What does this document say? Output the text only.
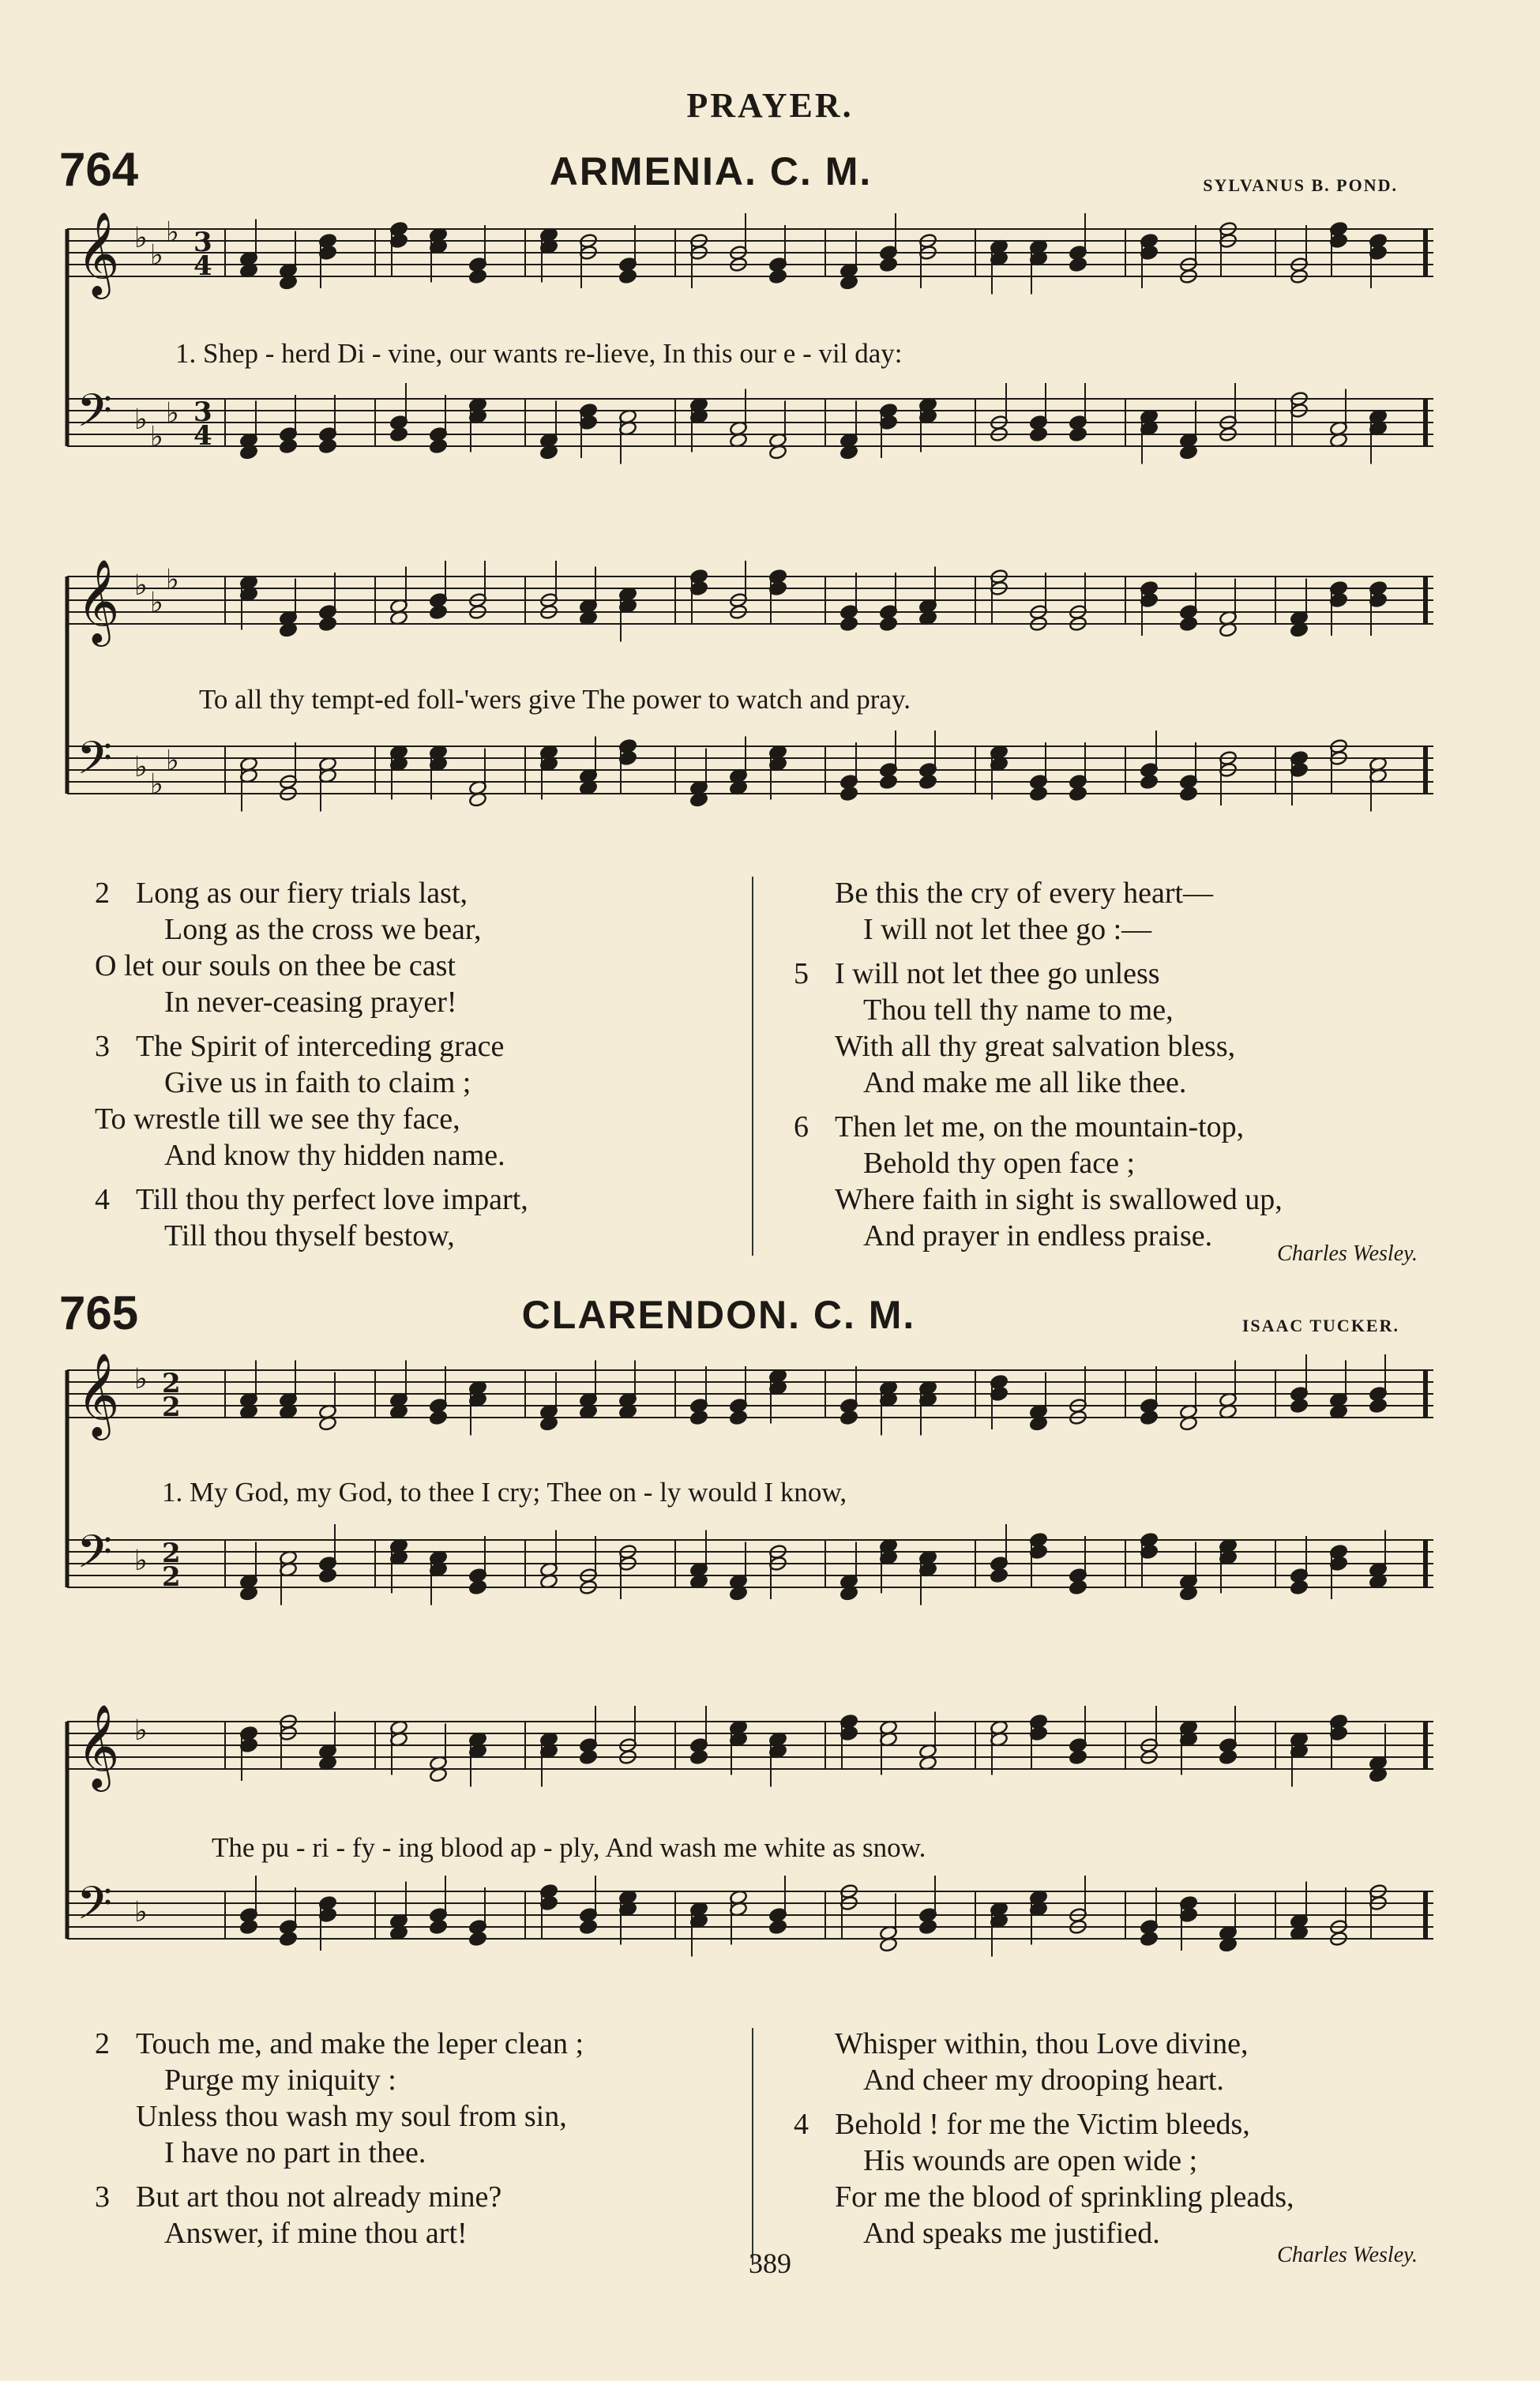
PRAYER.
764	ARMENIA. C. M.	SYLVANUS B. POND.
𝄞 ♭
♭
♭ 3
4
𝄢 ♭
♭
♭ 3
4
1. Shep - herd Di - vine, our wants re-lieve, In this our e - vil day:
𝄞 ♭
♭
♭
𝄢 ♭
♭
♭
To all thy tempt-ed foll-'wers give The power to watch and pray.
2 Long as our fiery trials last,
Long as the cross we bear,
O let our souls on thee be cast
In never-ceasing prayer!
3 The Spirit of interceding grace
Give us in faith to claim ;
To wrestle till we see thy face,
And know thy hidden name.
4 Till thou thy perfect love impart,
Till thou thyself bestow,
Be this the cry of every heart—
I will not let thee go :—
5 I will not let thee go unless
Thou tell thy name to me,
With all thy great salvation bless,
And make me all like thee.
6 Then let me, on the mountain-top,
Behold thy open face ;
Where faith in sight is swallowed up,
And prayer in endless praise.
Charles Wesley.
765	CLARENDON. C. M.	ISAAC TUCKER.
𝄞 ♭ 2
2
𝄢 ♭ 2
2
1. My God, my God, to thee I cry; Thee on - ly would I know,
𝄞 ♭
𝄢 ♭
The pu - ri - fy - ing blood ap - ply, And wash me white as snow.
2 Touch me, and make the leper clean ;
Purge my iniquity :
Unless thou wash my soul from sin,
I have no part in thee.
3 But art thou not already mine?
Answer, if mine thou art!
Whisper within, thou Love divine,
And cheer my drooping heart.
4 Behold ! for me the Victim bleeds,
His wounds are open wide ;
For me the blood of sprinkling pleads,
And speaks me justified.
389	Charles Wesley.
